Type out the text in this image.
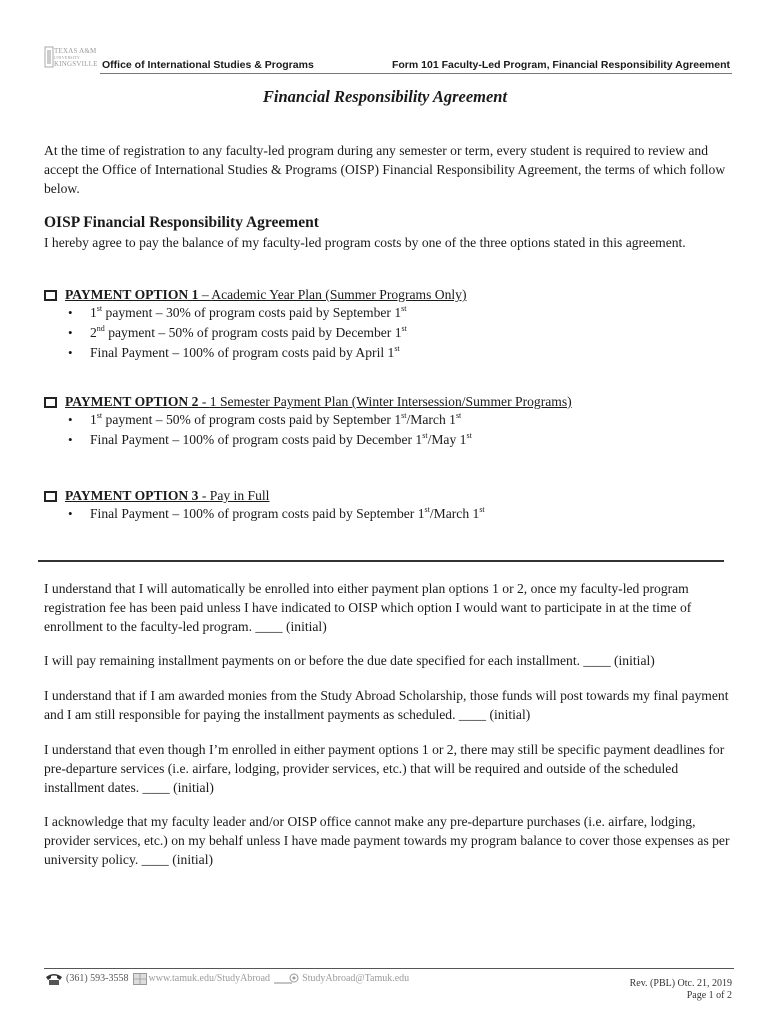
TEXAS A&M
UNIVERSITY
KINGSVILLE Office of International Studies & Programs	Form 101 Faculty-Led Program, Financial Responsibility Agreement
Financial Responsibility Agreement
At the time of registration to any faculty-led program during any semester or term, every student is required to review and accept the Office of International Studies & Programs (OISP) Financial Responsibility Agreement, the terms of which follow below.
OISP Financial Responsibility Agreement
I hereby agree to pay the balance of my faculty-led program costs by one of the three options stated in this agreement.
PAYMENT OPTION 1 – Academic Year Plan (Summer Programs Only)
• 1st payment – 30% of program costs paid by September 1st
• 2nd payment – 50% of program costs paid by December 1st
• Final Payment – 100% of program costs paid by April 1st
PAYMENT OPTION 2 - 1 Semester Payment Plan (Winter Intersession/Summer Programs)
• 1st payment – 50% of program costs paid by September 1st/March 1st
• Final Payment – 100% of program costs paid by December 1st/May 1st
PAYMENT OPTION 3 - Pay in Full
• Final Payment – 100% of program costs paid by September 1st/March 1st
I understand that I will automatically be enrolled into either payment plan options 1 or 2, once my faculty-led program registration fee has been paid unless I have indicated to OISP which option I would want to participate in at the time of enrollment to the faculty-led program. ____ (initial)
I will pay remaining installment payments on or before the due date specified for each installment. ____ (initial)
I understand that if I am awarded monies from the Study Abroad Scholarship, those funds will post towards my final payment and I am still responsible for paying the installment payments as scheduled. ____ (initial)
I understand that even though I’m enrolled in either payment options 1 or 2, there may still be specific payment deadlines for pre-departure services (i.e. airfare, lodging, provider services, etc.) that will be required and outside of the scheduled installment dates. ____ (initial)
I acknowledge that my faculty leader and/or OISP office cannot make any pre-departure purchases (i.e. airfare, lodging, provider services, etc.) on my behalf unless I have made payment towards my program balance to cover those expenses as per university policy. ____ (initial)
(361) 593-3558 www.tamuk.edu/StudyAbroad	StudyAbroad@Tamuk.edu	Rev. (PBL) Otc. 21, 2019
Page 1 of 2
